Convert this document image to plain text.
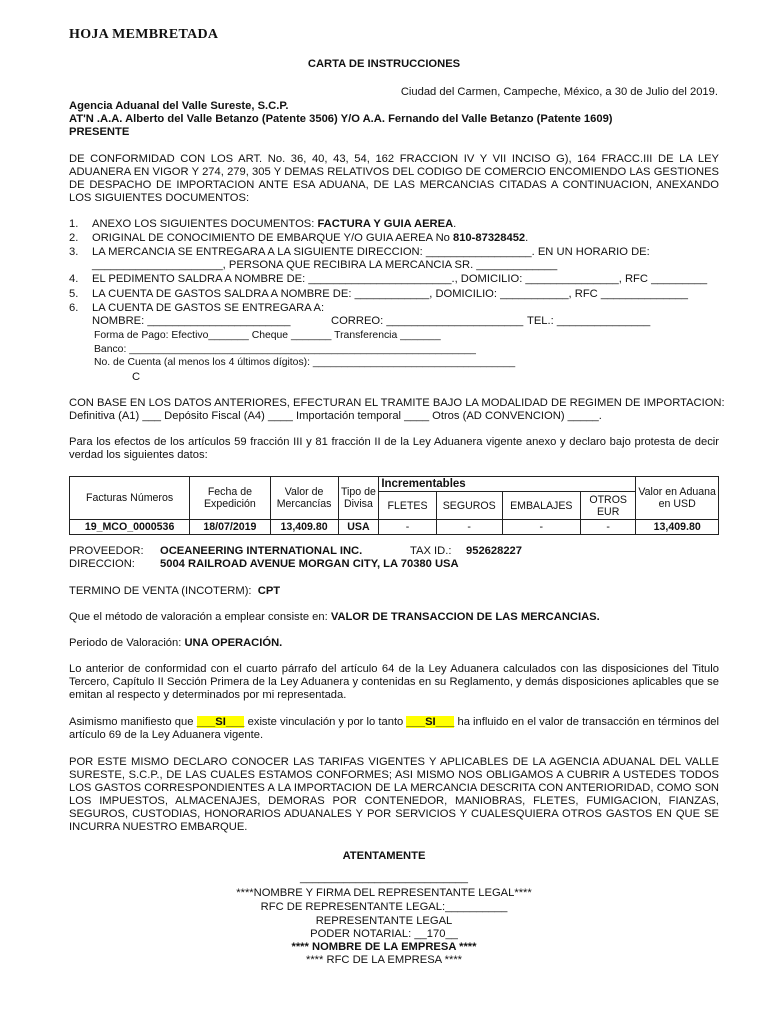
HOJA MEMBRETADA
CARTA DE INSTRUCCIONES
Ciudad del Carmen, Campeche, México, a 30 de Julio del 2019.
Agencia Aduanal del Valle Sureste, S.C.P.
AT'N .A.A. Alberto del Valle Betanzo (Patente 3506) Y/O A.A. Fernando del Valle Betanzo (Patente 1609)
PRESENTE
DE CONFORMIDAD CON LOS ART. No. 36, 40, 43, 54, 162 FRACCION IV Y VII INCISO G), 164 FRACC.III DE LA LEY ADUANERA EN VIGOR Y 274, 279, 305 Y DEMAS RELATIVOS DEL CODIGO DE COMERCIO ENCOMIENDO LAS GESTIONES DE DESPACHO DE IMPORTACION ANTE ESA ADUANA, DE LAS MERCANCIAS CITADAS A CONTINUACION, ANEXANDO LOS SIGUIENTES DOCUMENTOS:
1. ANEXO LOS SIGUIENTES DOCUMENTOS: FACTURA Y GUIA AEREA.
2. ORIGINAL DE CONOCIMIENTO DE EMBARQUE Y/O GUIA AEREA No 810-87328452.
3. LA MERCANCIA SE ENTREGARA A LA SIGUIENTE DIRECCION: _________________. EN UN HORARIO DE:
_____________________, PERSONA QUE RECIBIRA LA MERCANCIA SR. _____________
4. EL PEDIMENTO SALDRA A NOMBRE DE: _______________________., DOMICILIO: _______________, RFC _________
5. LA CUENTA DE GASTOS SALDRA A NOMBRE DE: ____________, DOMICILIO: ___________, RFC ______________
6. LA CUENTA DE GASTOS SE ENTREGARA A:
NOMBRE: _______________________	CORREO: ______________________ TEL.: _______________
Forma de Pago: Efectivo_______ Cheque _______ Transferencia _______
Banco: ____________________________________________________________
No. de Cuenta (al menos los 4 últimos dígitos): ___________________________________
C
CON BASE EN LOS DATOS ANTERIORES, EFECTURAN EL TRAMITE BAJO LA MODALIDAD DE REGIMEN DE IMPORTACION:
Definitiva (A1) ___ Depósito Fiscal (A4) ____ Importación temporal ____ Otros (AD CONVENCION) _____.
Para los efectos de los artículos 59 fracción III y 81 fracción II de la Ley Aduanera vigente anexo y declaro bajo protesta de decir verdad los siguientes datos:
Facturas Números	Fecha de Expedición	Valor de Mercancías	Tipo de Divisa	Incrementables				Valor en Aduana en USD
				FLETES	SEGUROS	EMBALAJES	OTROS EUR	
19_MCO_0000536	18/07/2019	13,409.80	USA	-	-	-	-	13,409.80
PROVEEDOR: OCEANEERING INTERNATIONAL INC.	TAX ID.: 952628227
DIRECCION: 5004 RAILROAD AVENUE MORGAN CITY, LA 70380 USA
TERMINO DE VENTA (INCOTERM): CPT
Que el método de valoración a emplear consiste en: VALOR DE TRANSACCION DE LAS MERCANCIAS.
Periodo de Valoración: UNA OPERACIÓN.
Lo anterior de conformidad con el cuarto párrafo del artículo 64 de la Ley Aduanera calculados con las disposiciones del Titulo Tercero, Capítulo II Sección Primera de la Ley Aduanera y contenidas en su Reglamento, y demás disposiciones aplicables que se emitan al respecto y determinados por mi representada.
Asimismo manifiesto que ___SI___ existe vinculación y por lo tanto ___SI___ ha influido en el valor de transacción en términos del artículo 69 de la Ley Aduanera vigente.
POR ESTE MISMO DECLARO CONOCER LAS TARIFAS VIGENTES Y APLICABLES DE LA AGENCIA ADUANAL DEL VALLE SURESTE, S.C.P., DE LAS CUALES ESTAMOS CONFORMES; ASI MISMO NOS OBLIGAMOS A CUBRIR A USTEDES TODOS LOS GASTOS CORRESPONDIENTES A LA IMPORTACION DE LA MERCANCIA DESCRITA CON ANTERIORIDAD, COMO SON LOS IMPUESTOS, ALMACENAJES, DEMORAS POR CONTENEDOR, MANIOBRAS, FLETES, FUMIGACION, FIANZAS, SEGUROS, CUSTODIAS, HONORARIOS ADUANALES Y POR SERVICIOS Y CUALESQUIERA OTROS GASTOS EN QUE SE INCURRA NUESTRO EMBARQUE.
ATENTAMENTE
___________________________
****NOMBRE Y FIRMA DEL REPRESENTANTE LEGAL****
RFC DE REPRESENTANTE LEGAL:__________
REPRESENTANTE LEGAL
PODER NOTARIAL: __170__
**** NOMBRE DE LA EMPRESA ****
**** RFC DE LA EMPRESA ****
